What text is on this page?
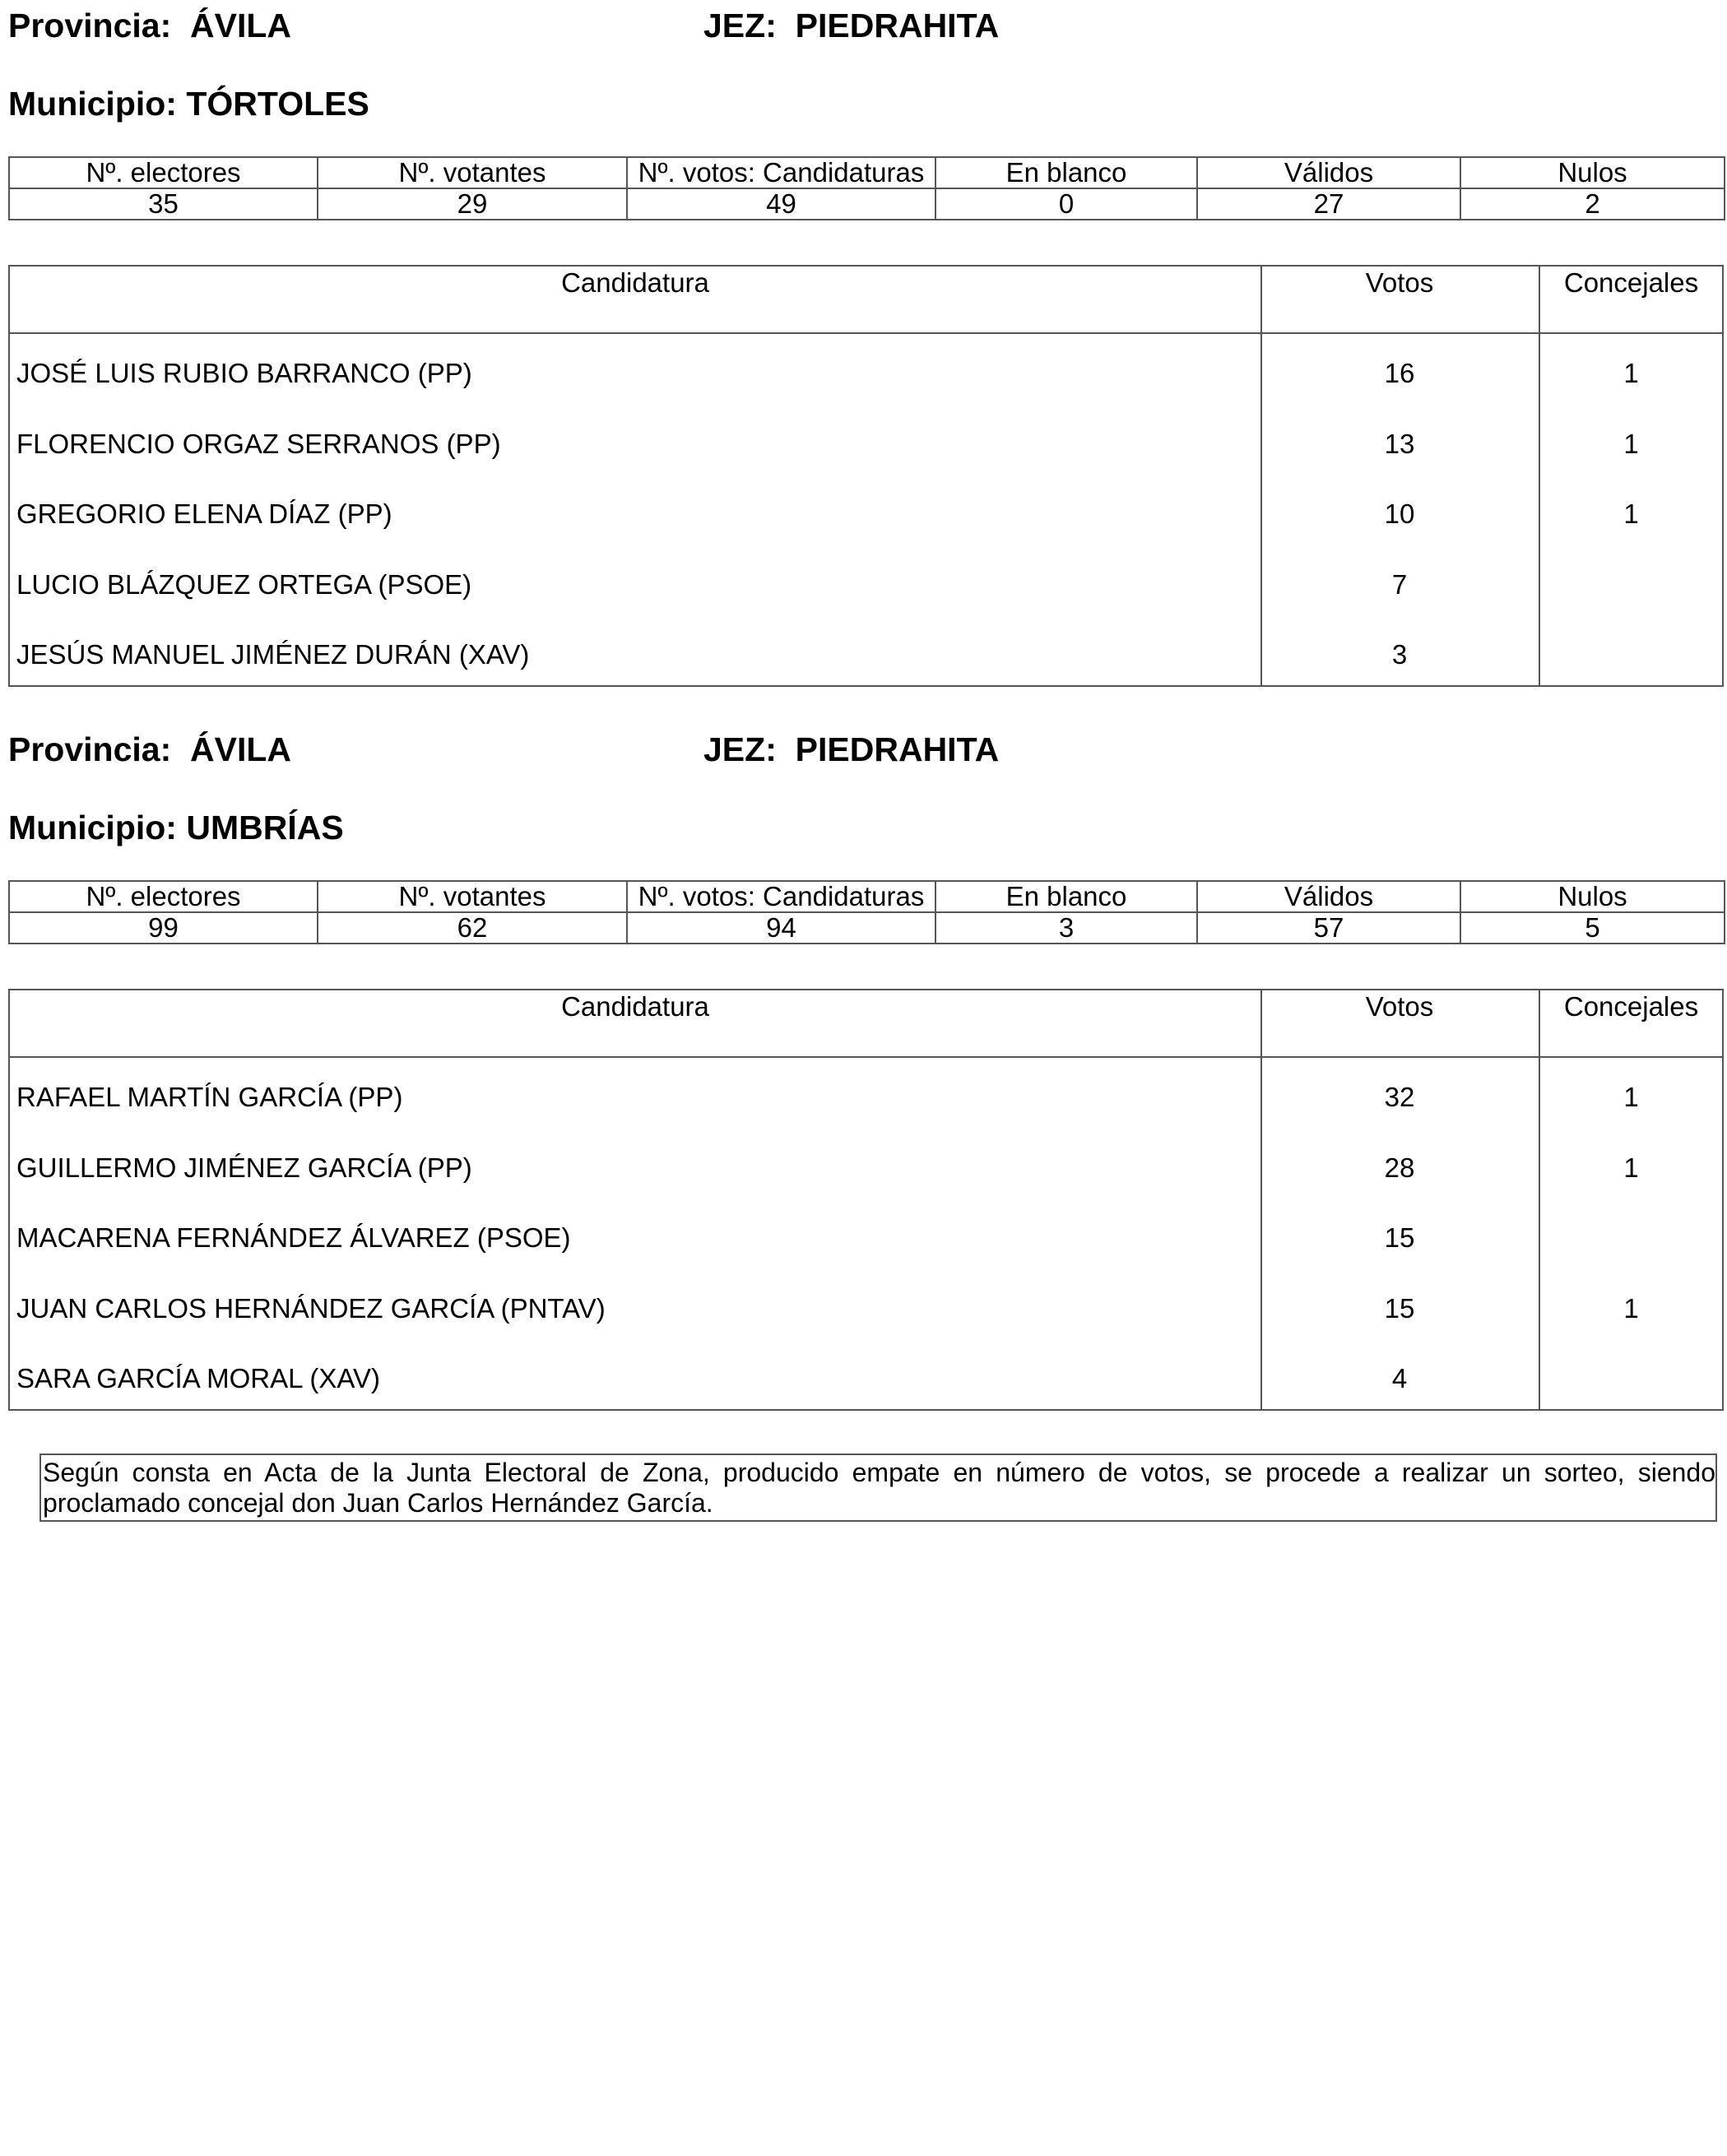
Provincia: ÁVILA	JEZ: PIEDRAHITA
Municipio: TÓRTOLES
Nº. electores	Nº. votantes	Nº. votos: Candidaturas	En blanco	Válidos	Nulos
35	29	49	0	27	2
Candidatura	Votos	Concejales
JOSÉ LUIS RUBIO BARRANCO (PP)	16	1
FLORENCIO ORGAZ SERRANOS (PP)	13	1
GREGORIO ELENA DÍAZ (PP)	10	1
LUCIO BLÁZQUEZ ORTEGA (PSOE)	7
JESÚS MANUEL JIMÉNEZ DURÁN (XAV)	3
Provincia: ÁVILA	JEZ: PIEDRAHITA
Municipio: UMBRÍAS
Nº. electores	Nº. votantes	Nº. votos: Candidaturas	En blanco	Válidos	Nulos
99	62	94	3	57	5
Candidatura	Votos	Concejales
RAFAEL MARTÍN GARCÍA (PP)	32	1
GUILLERMO JIMÉNEZ GARCÍA (PP)	28	1
MACARENA FERNÁNDEZ ÁLVAREZ (PSOE)	15
JUAN CARLOS HERNÁNDEZ GARCÍA (PNTAV)	15	1
SARA GARCÍA MORAL (XAV)	4
Según consta en Acta de la Junta Electoral de Zona, producido empate en número de votos, se procede a realizar un sorteo, siendo proclamado concejal don Juan Carlos Hernández García.
